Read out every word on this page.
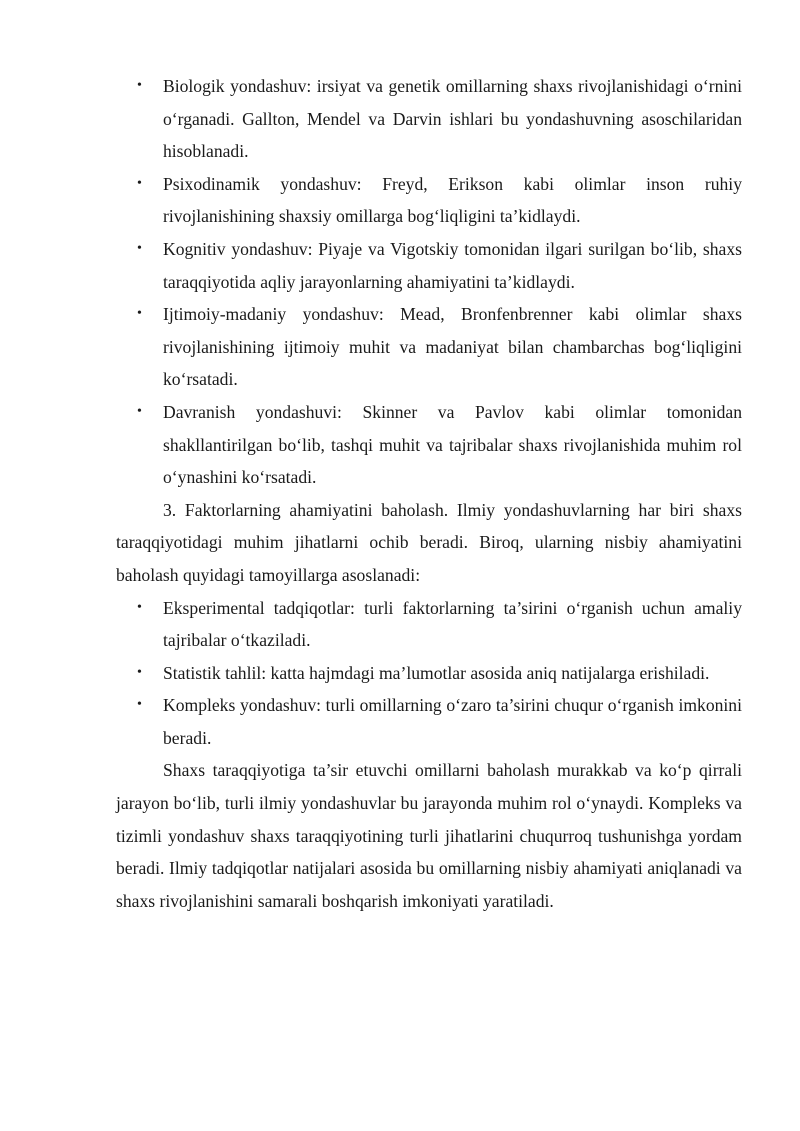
• Biologik yondashuv: irsiyat va genetik omillarning shaxs rivojlanishidagi o‘rnini o‘rganadi. Gallton, Mendel va Darvin ishlari bu yondashuvning asoschilaridan hisoblanadi.
• Psixodinamik yondashuv: Freyd, Erikson kabi olimlar inson ruhiy rivojlanishining shaxsiy omillarga bog‘liqligini ta’kidlaydi.
• Kognitiv yondashuv: Piyaje va Vigotskiy tomonidan ilgari surilgan bo‘lib, shaxs taraqqiyotida aqliy jarayonlarning ahamiyatini ta’kidlaydi.
• Ijtimoiy-madaniy yondashuv: Mead, Bronfenbrenner kabi olimlar shaxs rivojlanishining ijtimoiy muhit va madaniyat bilan chambarchas bog‘liqligini ko‘rsatadi.
• Davranish yondashuvi: Skinner va Pavlov kabi olimlar tomonidan shakllantirilgan bo‘lib, tashqi muhit va tajribalar shaxs rivojlanishida muhim rol o‘ynashini ko‘rsatadi.

3. Faktorlarning ahamiyatini baholash. Ilmiy yondashuvlarning har biri shaxs taraqqiyotidagi muhim jihatlarni ochib beradi. Biroq, ularning nisbiy ahamiyatini baholash quyidagi tamoyillarga asoslanadi:

• Eksperimental tadqiqotlar: turli faktorlarning ta’sirini o‘rganish uchun amaliy tajribalar o‘tkaziladi.
• Statistik tahlil: katta hajmdagi ma’lumotlar asosida aniq natijalarga erishiladi.
• Kompleks yondashuv: turli omillarning o‘zaro ta’sirini chuqur o‘rganish imkonini beradi.

Shaxs taraqqiyotiga ta’sir etuvchi omillarni baholash murakkab va ko‘p qirrali jarayon bo‘lib, turli ilmiy yondashuvlar bu jarayonda muhim rol o‘ynaydi. Kompleks va tizimli yondashuv shaxs taraqqiyotining turli jihatlarini chuqurroq tushunishga yordam beradi. Ilmiy tadqiqotlar natijalari asosida bu omillarning nisbiy ahamiyati aniqlanadi va shaxs rivojlanishini samarali boshqarish imkoniyati yaratiladi.
